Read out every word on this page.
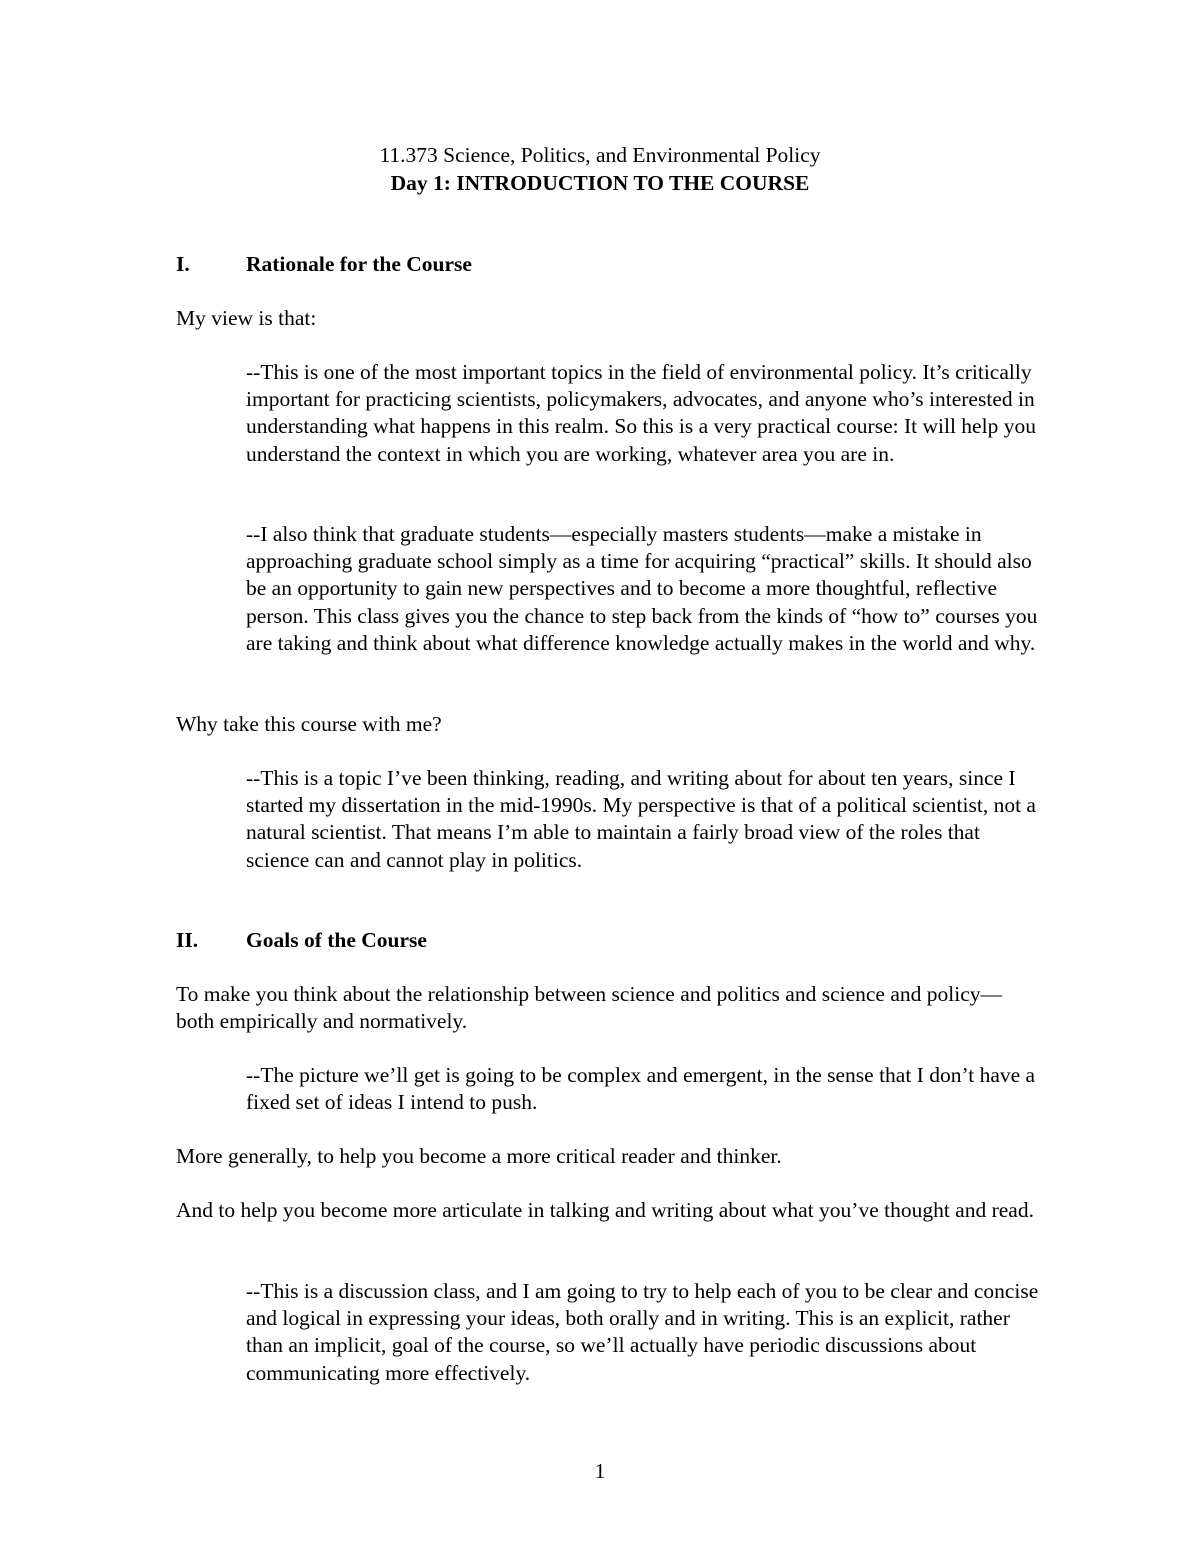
11.373 Science, Politics, and Environmental Policy
Day 1: INTRODUCTION TO THE COURSE
I.	Rationale for the Course

My view is that:

--This is one of the most important topics in the field of environmental policy. It’s critically important for practicing scientists, policymakers, advocates, and anyone who’s interested in understanding what happens in this realm. So this is a very practical course: It will help you understand the context in which you are working, whatever area you are in.

--I also think that graduate students—especially masters students—make a mistake in approaching graduate school simply as a time for acquiring “practical” skills. It should also be an opportunity to gain new perspectives and to become a more thoughtful, reflective person. This class gives you the chance to step back from the kinds of “how to” courses you are taking and think about what difference knowledge actually makes in the world and why.

Why take this course with me?

--This is a topic I’ve been thinking, reading, and writing about for about ten years, since I started my dissertation in the mid-1990s. My perspective is that of a political scientist, not a natural scientist. That means I’m able to maintain a fairly broad view of the roles that science can and cannot play in politics.

II. Goals of the Course

To make you think about the relationship between science and politics and science and policy—both empirically and normatively.

--The picture we’ll get is going to be complex and emergent, in the sense that I don’t have a fixed set of ideas I intend to push.

More generally, to help you become a more critical reader and thinker.

And to help you become more articulate in talking and writing about what you’ve thought and read.

--This is a discussion class, and I am going to try to help each of you to be clear and concise and logical in expressing your ideas, both orally and in writing. This is an explicit, rather than an implicit, goal of the course, so we’ll actually have periodic discussions about communicating more effectively.

1
